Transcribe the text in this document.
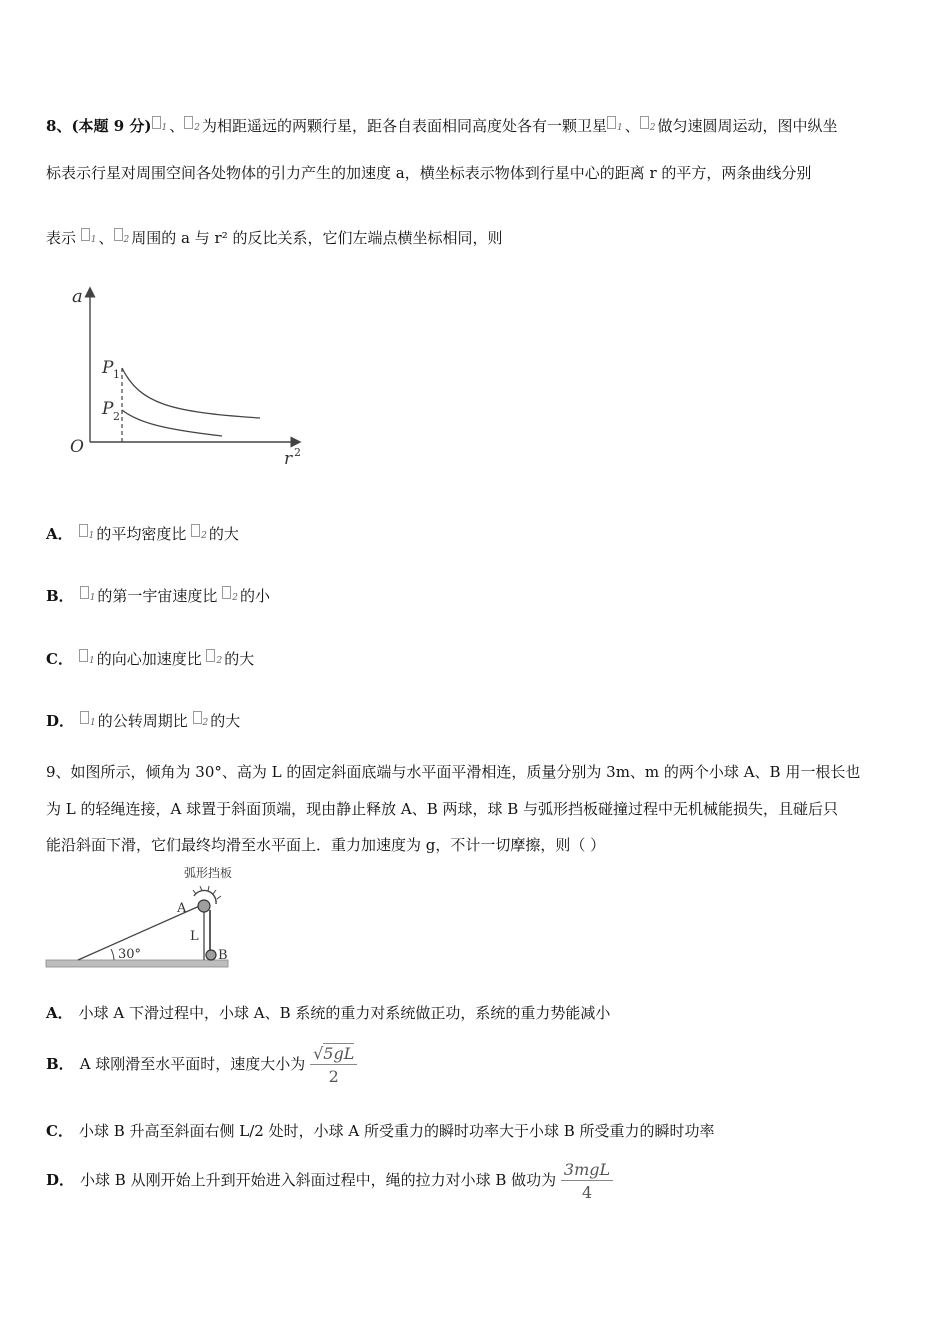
8、(本题 9 分) 1 、 2 为相距遥远的两颗行星，距各自表面相同高度处各有一颗卫星 1 、 2 做匀速圆周运动，图中纵坐
标表示行星对周围空间各处物体的引力产生的加速度 a，横坐标表示物体到行星中心的距离 r 的平方，两条曲线分别
表示 1 、 2 周围的 a 与 r² 的反比关系，它们左端点横坐标相同，则
a
r 2
O
P 1
P 2
A． 1 的平均密度比 2 的大
B． 1 的第一宇宙速度比 2 的小
C． 1 的向心加速度比 2 的大
D． 1 的公转周期比 2 的大
9、如图所示，倾角为 30°、高为 L 的固定斜面底端与水平面平滑相连，质量分别为 3m、m 的两个小球 A、B 用一根长也
为 L 的轻绳连接，A 球置于斜面顶端，现由静止释放 A、B 两球，球 B 与弧形挡板碰撞过程中无机械能损失，且碰后只
能沿斜面下滑，它们最终均滑至水平面上．重力加速度为 g，不计一切摩擦，则（ ）
弧形挡板
30°
A
L
B
A． 小球 A 下滑过程中，小球 A、B 系统的重力对系统做正功，系统的重力势能减小
B． A 球刚滑至水平面时，速度大小为 $\frac{√5gL}{2}$
C． 小球 B 升高至斜面右侧 L/2 处时，小球 A 所受重力的瞬时功率大于小球 B 所受重力的瞬时功率
D． 小球 B 从刚开始上升到开始进入斜面过程中，绳的拉力对小球 B 做功为 $\frac{\text{3mgL}}{4}$
